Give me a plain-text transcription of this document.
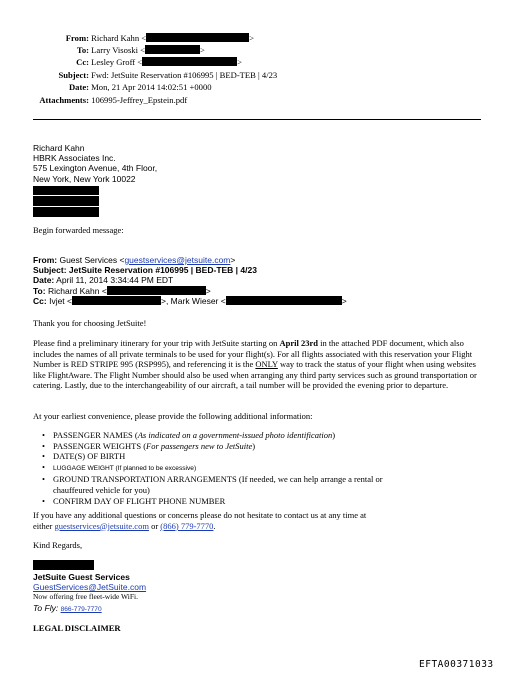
From: Richard Kahn <	>
To: Larry Visoski <	>
Cc: Lesley Groff <	>
Subject: Fwd: JetSuite Reservation #106995 | BED-TEB | 4/23
Date: Mon, 21 Apr 2014 14:02:51 +0000
Attachments: 106995-Jeffrey_Epstein.pdf
Richard Kahn
HBRK Associates Inc.
575 Lexington Avenue, 4th Floor,
New York, New York 10022
Begin forwarded message:
From: Guest Services <guestservices@jetsuite.com>
Subject: JetSuite Reservation #106995 | BED-TEB | 4/23
Date: April 11, 2014 3:34:44 PM EDT
To: Richard Kahn <	>
Cc: Ivjet <	>, Mark Wieser <	>
Thank you for choosing JetSuite!
Please find a preliminary itinerary for your trip with JetSuite starting on April 23rd in the attached PDF document, which also includes the names of all private terminals to be used for your flight(s). For all flights associated with this reservation your Flight Number is RED STRIPE 995 (RSP995), and referencing it is the ONLY way to track the status of your flight when using websites like FlightAware. The Flight Number should also be used when arranging any third party services such as ground transportation or catering. Lastly, due to the interchangeability of our aircraft, a tail number will be provided the evening prior to departure.
At your earliest convenience, please provide the following additional information:
• PASSENGER NAMES (As indicated on a government-issued photo identification)
• PASSENGER WEIGHTS (For passengers new to JetSuite)
• DATE(S) OF BIRTH
• LUGGAGE WEIGHT (If planned to be excessive)
• GROUND TRANSPORTATION ARRANGEMENTS (If needed, we can help arrange a rental or chauffeured vehicle for you)
• CONFIRM DAY OF FLIGHT PHONE NUMBER
If you have any additional questions or concerns please do not hesitate to contact us at any time at either guestservices@jetsuite.com or (866) 779-7770.
Kind Regards,
JetSuite Guest Services
GuestServices@JetSuite.com
Now offering free fleet-wide WiFi.
To Fly: 866-779-7770
LEGAL DISCLAIMER
EFTA00371033
